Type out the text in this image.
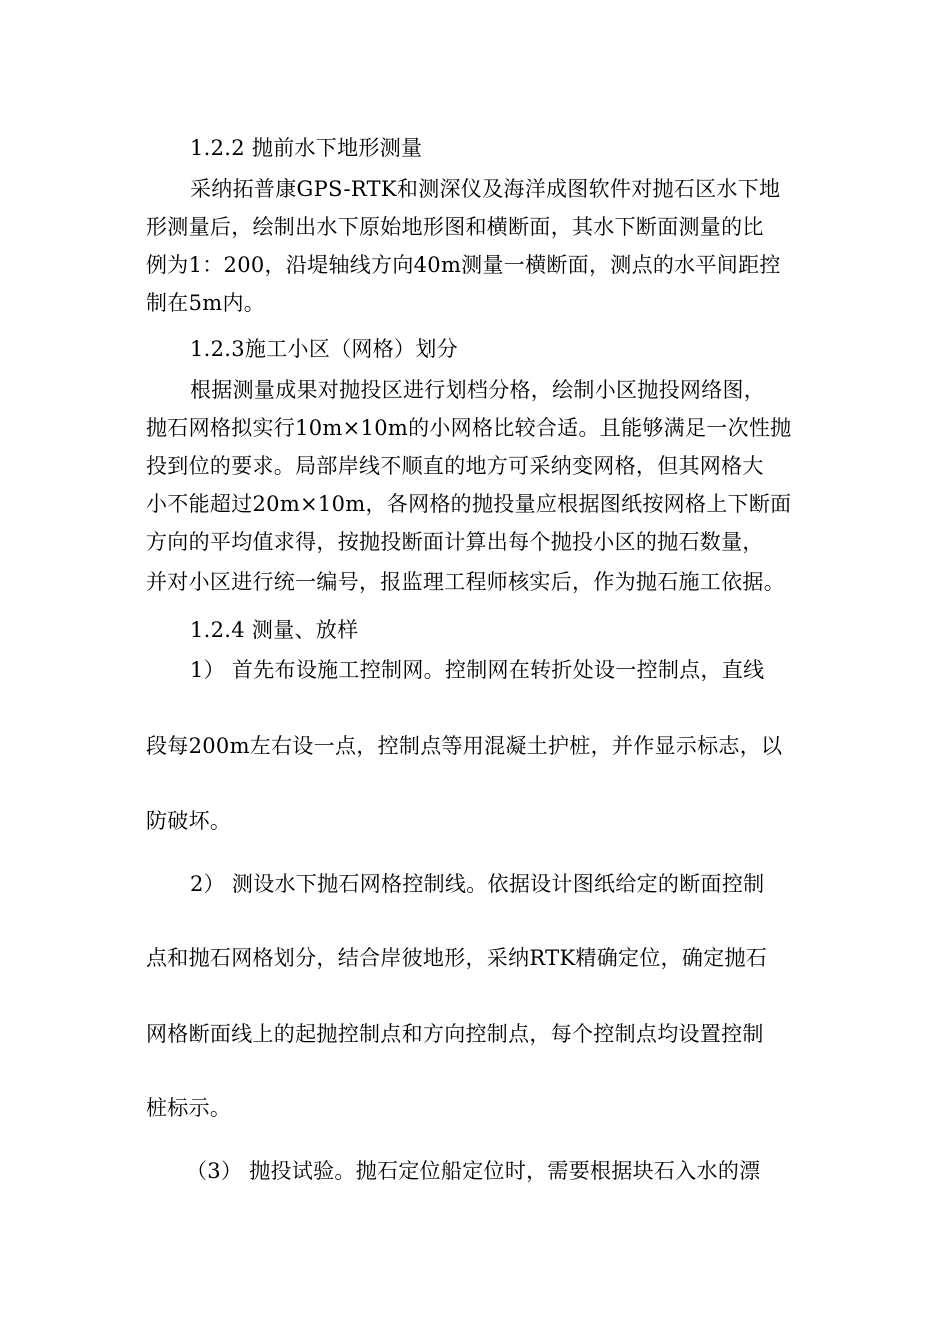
1.2.2 抛前水下地形测量
采纳拓普康GPS-RTK和测深仪及海洋成图软件对抛石区水下地
形测量后，绘制出水下原始地形图和横断面，其水下断面测量的比
例为1：200，沿堤轴线方向40m测量一横断面，测点的水平间距控
制在5m内。
1.2.3施工小区（网格）划分
根据测量成果对抛投区进行划档分格，绘制小区抛投网络图，
抛石网格拟实行10m×10m的小网格比较合适。且能够满足一次性抛
投到位的要求。局部岸线不顺直的地方可采纳变网格，但其网格大
小不能超过20m×10m，各网格的抛投量应根据图纸按网格上下断面
方向的平均值求得，按抛投断面计算出每个抛投小区的抛石数量，
并对小区进行统一编号，报监理工程师核实后，作为抛石施工依据。
1.2.4 测量、放样
1） 首先布设施工控制网。控制网在转折处设一控制点，直线
段每200m左右设一点，控制点等用混凝土护桩，并作显示标志，以
防破坏。
2） 测设水下抛石网格控制线。依据设计图纸给定的断面控制
点和抛石网格划分，结合岸彼地形，采纳RTK精确定位，确定抛石
网格断面线上的起抛控制点和方向控制点，每个控制点均设置控制
桩标示。
（3） 抛投试验。抛石定位船定位时，需要根据块石入水的漂
